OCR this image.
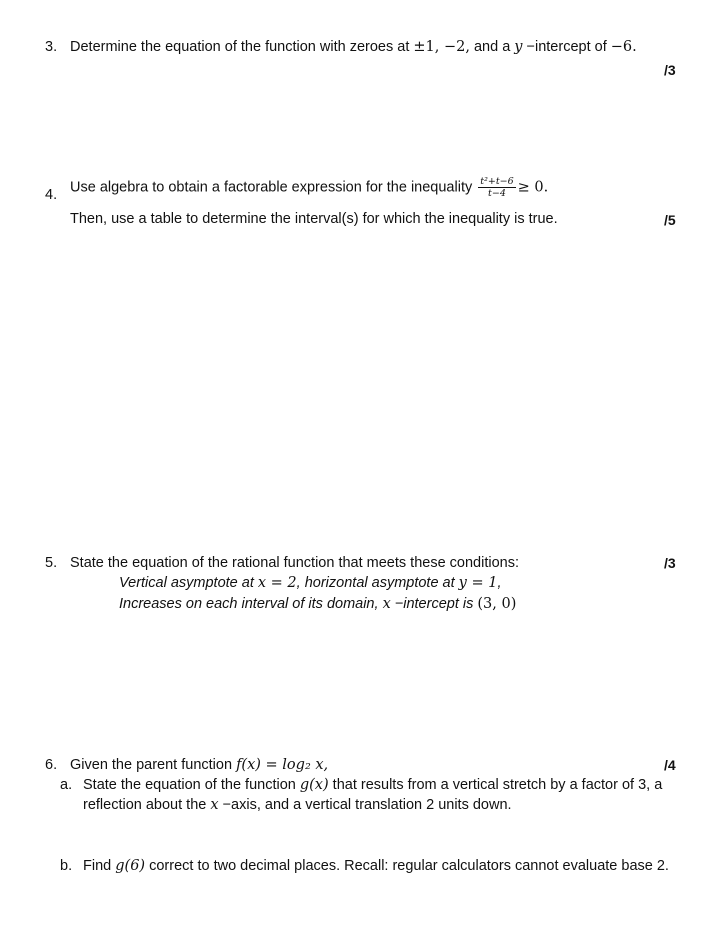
3. Determine the equation of the function with zeroes at ±1, −2, and a y −intercept of −6.
/3
4. Use algebra to obtain a factorable expression for the inequality $\frac{\text{t²+t−6}}{t-4} \ge 0$.
Then, use a table to determine the interval(s) for which the inequality is true.	/5
5. State the equation of the rational function that meets these conditions:	/3
Vertical asymptote at x = 2, horizontal asymptote at y = 1,
Increases on each interval of its domain, x −intercept is (3, 0)
6. Given the parent function f(x) = log₂ x,	/4
a. State the equation of the function g(x) that results from a vertical stretch by a factor of 3, a
reflection about the x −axis, and a vertical translation 2 units down.
b. Find g(6) correct to two decimal places. Recall: regular calculators cannot evaluate base 2.
